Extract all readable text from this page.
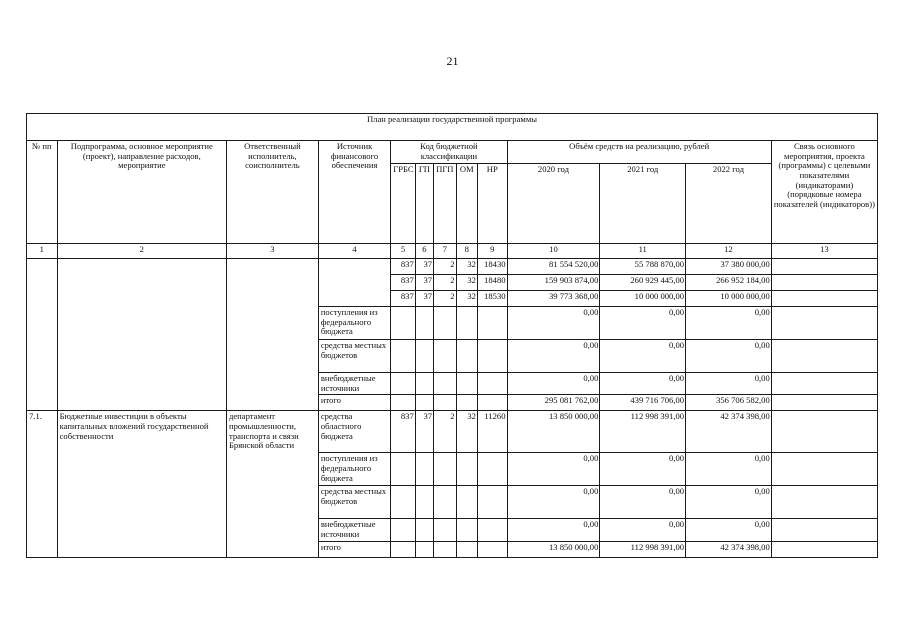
21
План реализации государственной программы												
№ пп	Подпрограмма, основное мероприятие (проект), направление расходов, мероприятие	Ответственный исполнитель, соисполнитель	Источник финансового обеспечения	Код бюджетной классификации					Объём средств на реализацию, рублей			Связь основного мероприятия, проекта (программы) с целевыми показателями (индикаторами) (порядковые номера показателей (индикаторов))
				ГРБС	ГП	ПГП	ОМ	НР	2020 год	2021 год	2022 год	
1	2	3	4	5	6	7	8	9	10	11	12	13
				837	37	2	32	18430	81 554 520,00	55 788 870,00	37 380 000,00	
				837	37	2	32	18480	159 903 874,00	260 929 445,00	266 952 184,00	
				837	37	2	32	18530	39 773 368,00	10 000 000,00	10 000 000,00	
			поступления из федерального бюджета						0,00	0,00	0,00	
			средства местных бюджетов						0,00	0,00	0,00	
			внебюджетные источники						0,00	0,00	0,00	
			итого						295 081 762,00	439 716 706,00	356 706 582,00	
7.1.	Бюджетные инвестиции в объекты капитальных вложений государственной собственности	департамент промышленности, транспорта и связи Брянской области	средства областного бюджета	837	37	2	32	11260	13 850 000,00	112 998 391,00	42 374 398,00	
			поступления из федерального бюджета						0,00	0,00	0,00	
			средства местных бюджетов						0,00	0,00	0,00	
			внебюджетные источники						0,00	0,00	0,00	
			итого						13 850 000,00	112 998 391,00	42 374 398,00	
